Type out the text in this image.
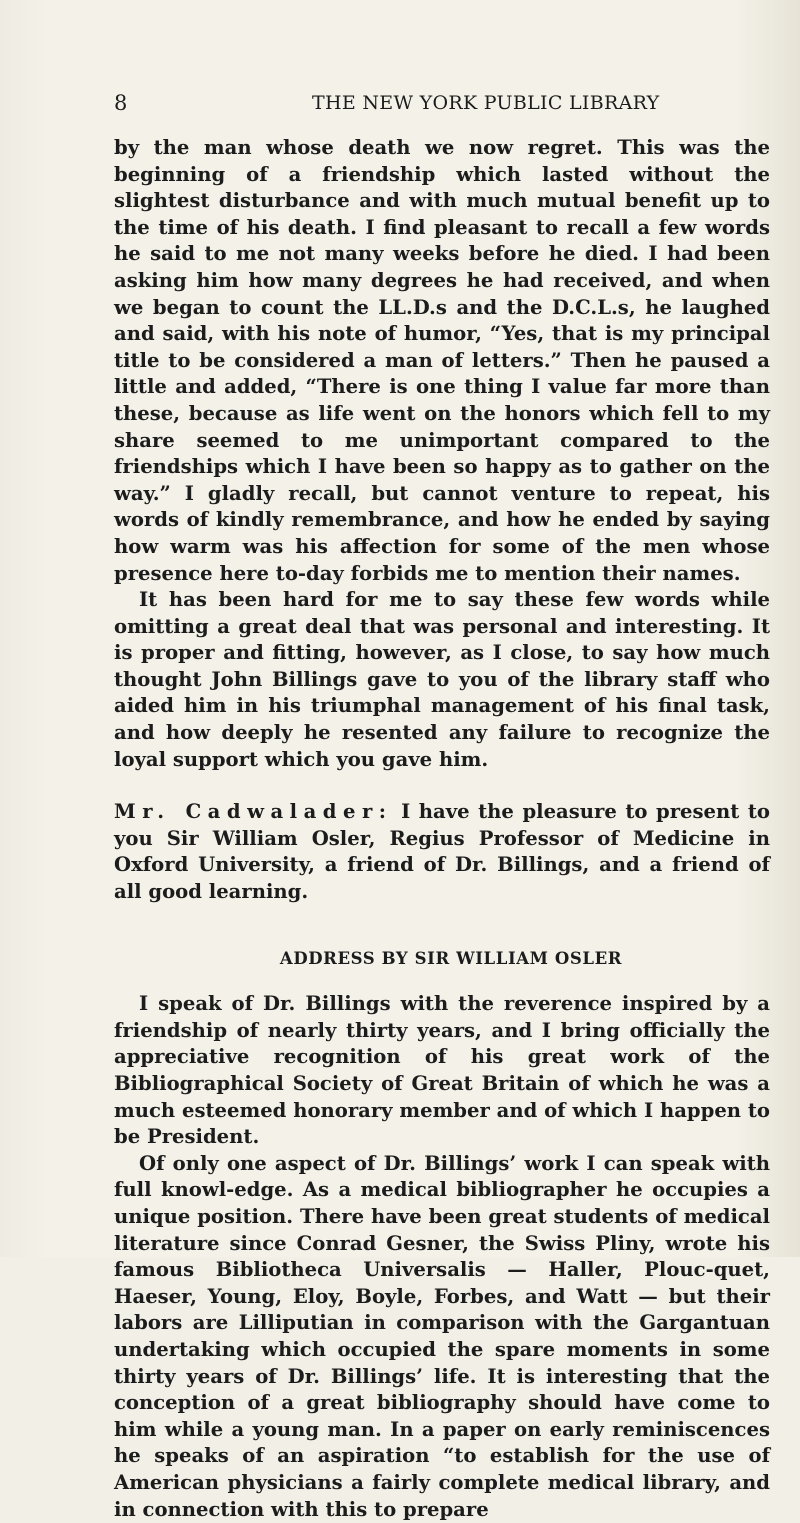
8	THE NEW YORK PUBLIC LIBRARY

by the man whose death we now regret. This was the beginning of a friendship which lasted without the slightest disturbance and with much mutual benefit up to the time of his death. I find pleasant to recall a few words he said to me not many weeks before he died. I had been asking him how many degrees he had received, and when we began to count the LL.D.s and the D.C.L.s, he laughed and said, with his note of humor, “Yes, that is my principal title to be considered a man of letters.” Then he paused a little and added, “There is one thing I value far more than these, because as life went on the honors which fell to my share seemed to me unimportant compared to the friendships which I have been so happy as to gather on the way.” I gladly recall, but cannot venture to repeat, his words of kindly remembrance, and how he ended by saying how warm was his affection for some of the men whose presence here to-day forbids me to mention their names.

It has been hard for me to say these few words while omitting a great deal that was personal and interesting. It is proper and fitting, however, as I close, to say how much thought John Billings gave to you of the library staff who aided him in his triumphal management of his final task, and how deeply he resented any failure to recognize the loyal support which you gave him.

Mr. Cadwalader: I have the pleasure to present to you Sir William Osler, Regius Professor of Medicine in Oxford University, a friend of Dr. Billings, and a friend of all good learning.

ADDRESS BY SIR WILLIAM OSLER

I speak of Dr. Billings with the reverence inspired by a friendship of nearly thirty years, and I bring officially the appreciative recognition of his great work of the Bibliographical Society of Great Britain of which he was a much esteemed honorary member and of which I happen to be President.

Of only one aspect of Dr. Billings’ work I can speak with full knowl-edge. As a medical bibliographer he occupies a unique position. There have been great students of medical literature since Conrad Gesner, the Swiss Pliny, wrote his famous Bibliotheca Universalis — Haller, Plouc-quet, Haeser, Young, Eloy, Boyle, Forbes, and Watt — but their labors are Lilliputian in comparison with the Gargantuan undertaking which occupied the spare moments in some thirty years of Dr. Billings’ life. It is interesting that the conception of a great bibliography should have come to him while a young man. In a paper on early reminiscences he speaks of an aspiration “to establish for the use of American physicians a fairly complete medical library, and in connection with this to prepare
